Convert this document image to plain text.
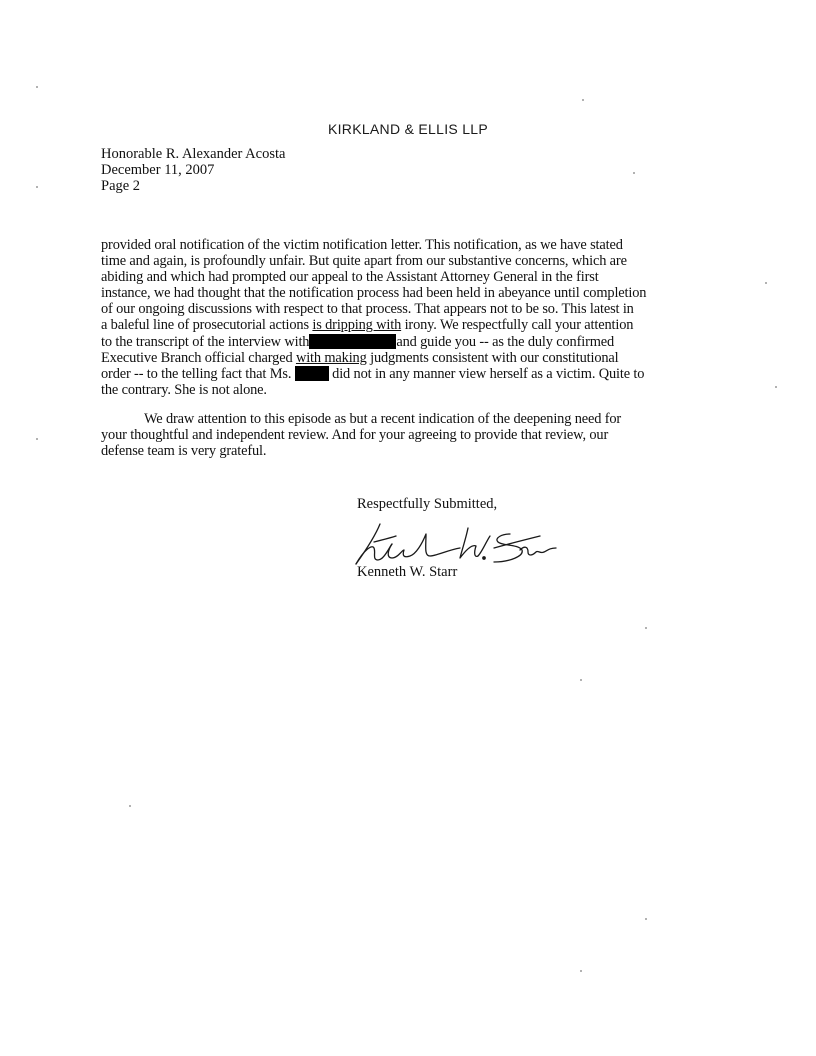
KIRKLAND & ELLIS LLP
Honorable R. Alexander Acosta
December 11, 2007
Page 2
provided oral notification of the victim notification letter. This notification, as we have stated
time and again, is profoundly unfair. But quite apart from our substantive concerns, which are
abiding and which had prompted our appeal to the Assistant Attorney General in the first
instance, we had thought that the notification process had been held in abeyance until completion
of our ongoing discussions with respect to that process. That appears not to be so. This latest in
a baleful line of prosecutorial actions is dripping with irony. We respectfully call your attention
to the transcript of the interview with	and guide you -- as the duly confirmed
Executive Branch official charged with making judgments consistent with our constitutional
order -- to the telling fact that Ms.  did not in any manner view herself as a victim. Quite to
the contrary. She is not alone.
We draw attention to this episode as but a recent indication of the deepening need for
your thoughtful and independent review. And for your agreeing to provide that review, our
defense team is very grateful.
Respectfully Submitted,
Kenneth W. Starr
